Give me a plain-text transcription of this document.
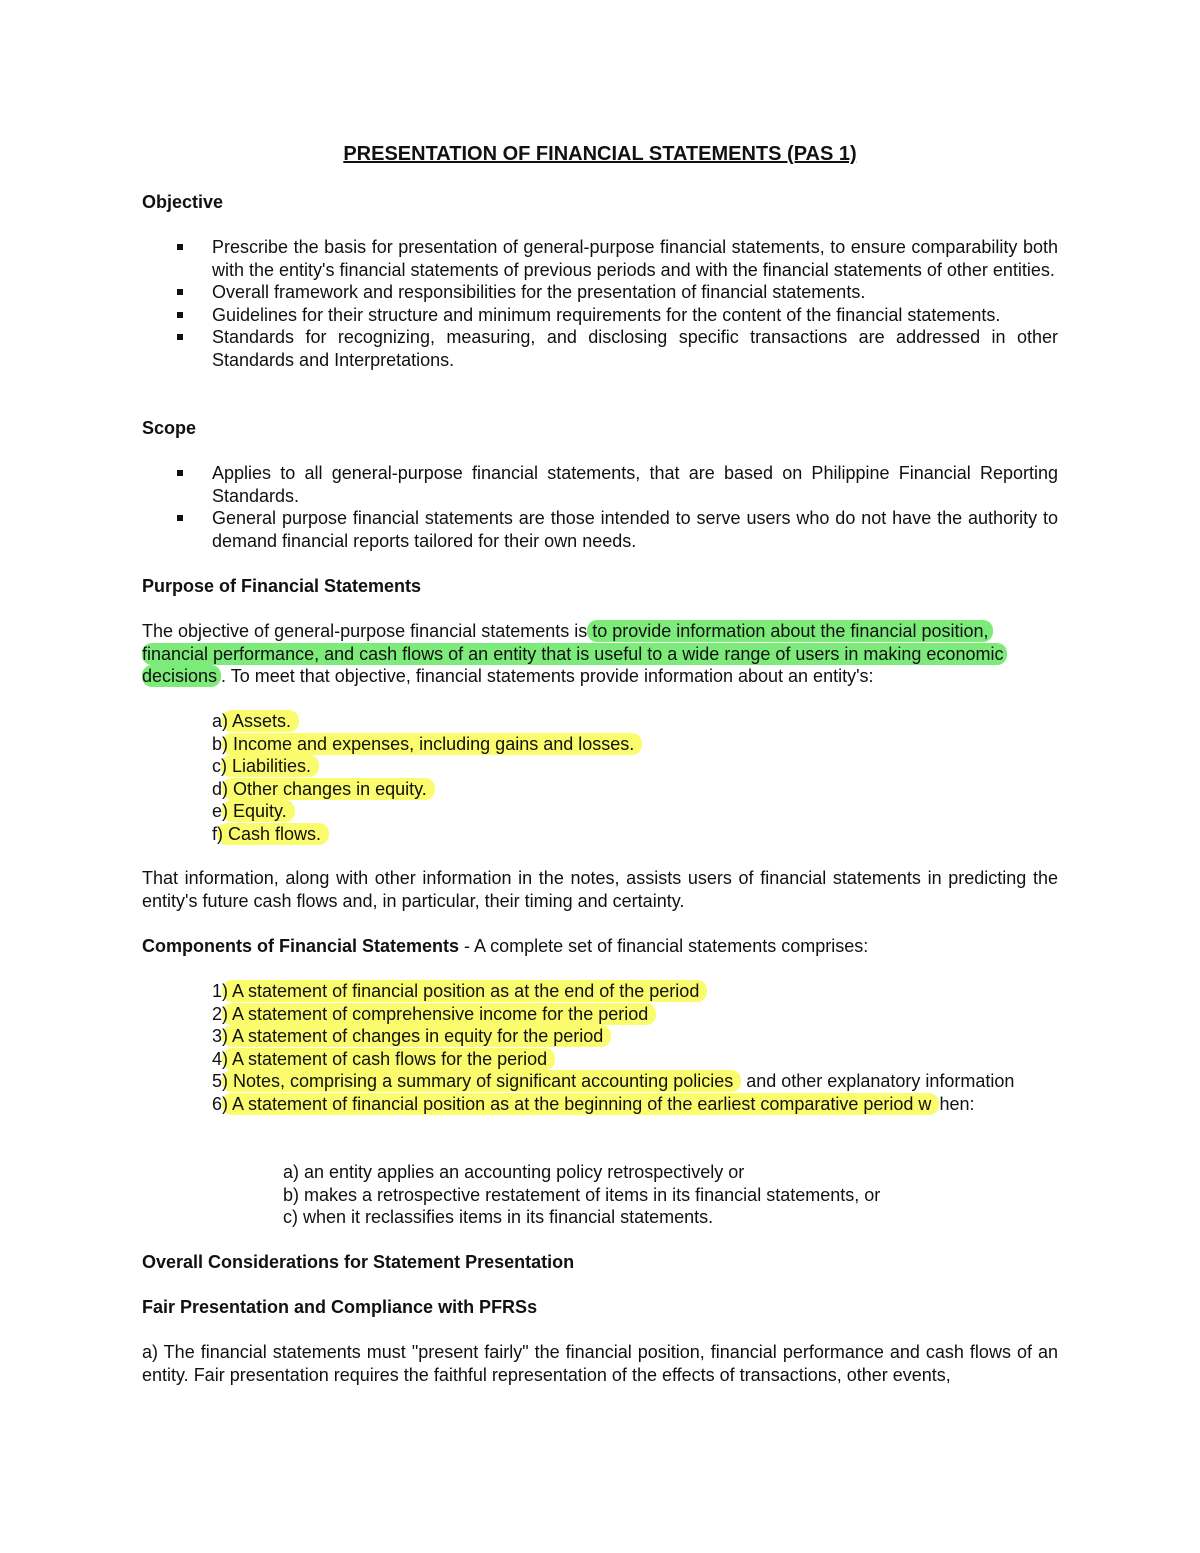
PRESENTATION OF FINANCIAL STATEMENTS (PAS 1)
Objective
Prescribe the basis for presentation of general-purpose financial statements, to ensure comparability both with the entity's financial statements of previous periods and with the financial statements of other entities.
Overall framework and responsibilities for the presentation of financial statements.
Guidelines for their structure and minimum requirements for the content of the financial statements.
Standards for recognizing, measuring, and disclosing specific transactions are addressed in other Standards and Interpretations.
Scope
Applies to all general-purpose financial statements, that are based on Philippine Financial Reporting Standards.
General purpose financial statements are those intended to serve users who do not have the authority to demand financial reports tailored for their own needs.
Purpose of Financial Statements
The objective of general-purpose financial statements is to provide information about the financial position, financial performance, and cash flows of an entity that is useful to a wide range of users in making economic decisions . To meet that objective, financial statements provide information about an entity's:
a) Assets.
b) Income and expenses, including gains and losses.
c) Liabilities.
d) Other changes in equity.
e) Equity.
f) Cash flows.
That information, along with other information in the notes, assists users of financial statements in predicting the entity's future cash flows and, in particular, their timing and certainty.
Components of Financial Statements - A complete set of financial statements comprises:
1) A statement of financial position as at the end of the period
2) A statement of comprehensive income for the period
3) A statement of changes in equity for the period
4) A statement of cash flows for the period
5) Notes, comprising a summary of significant accounting policies and other explanatory information
6) A statement of financial position as at the beginning of the earliest comparative period w hen:
a) an entity applies an accounting policy retrospectively or
b) makes a retrospective restatement of items in its financial statements, or
c) when it reclassifies items in its financial statements.
Overall Considerations for Statement Presentation
Fair Presentation and Compliance with PFRSs
a) The financial statements must "present fairly" the financial position, financial performance and cash flows of an entity. Fair presentation requires the faithful representation of the effects of transactions, other events,
